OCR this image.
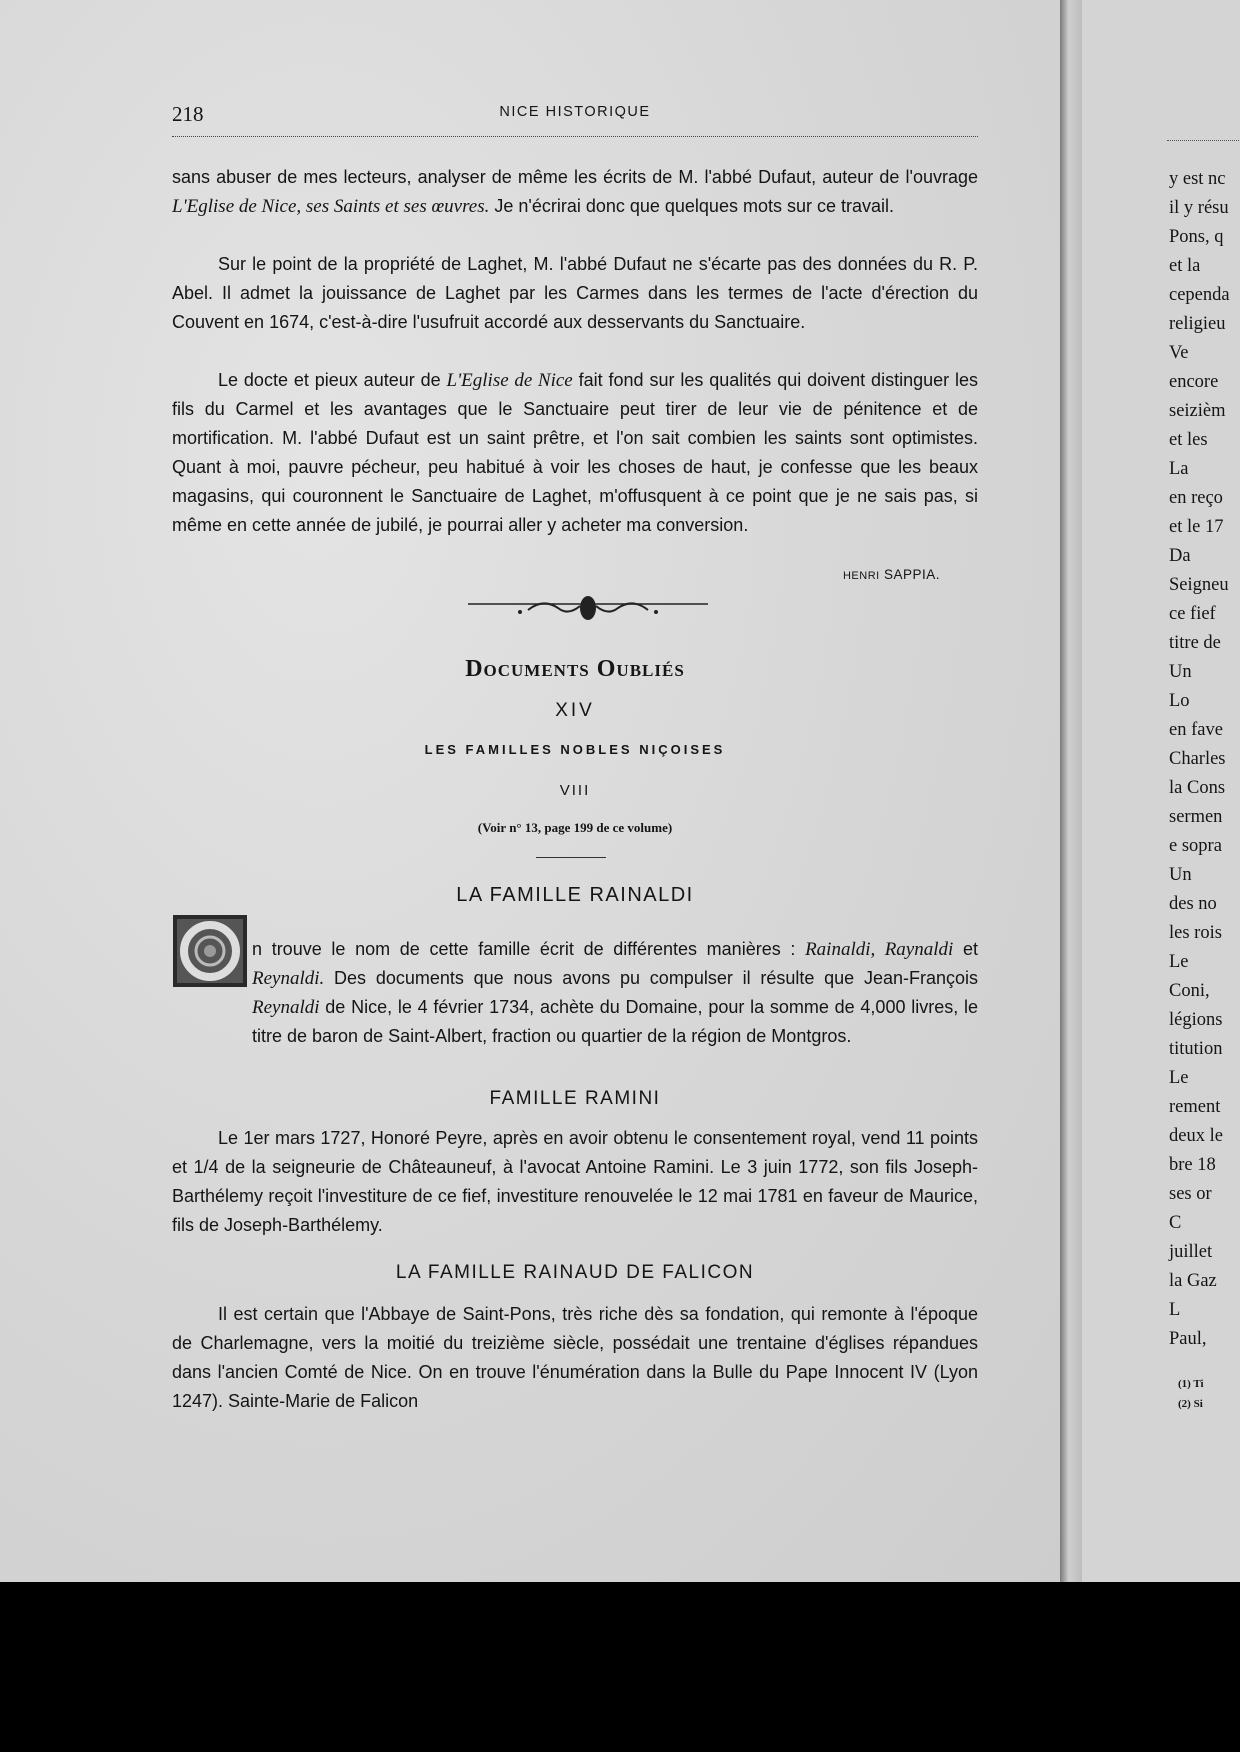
218	NICE HISTORIQUE

sans abuser de mes lecteurs, analyser de même les écrits de M. l'abbé Dufaut, auteur de l'ouvrage L'Eglise de Nice, ses Saints et ses œuvres. Je n'écrirai donc que quelques mots sur ce travail.

Sur le point de la propriété de Laghet, M. l'abbé Dufaut ne s'écarte pas des données du R. P. Abel. Il admet la jouissance de Laghet par les Carmes dans les termes de l'acte d'érection du Couvent en 1674, c'est-à-dire l'usufruit accordé aux desservants du Sanctuaire.

Le docte et pieux auteur de L'Eglise de Nice fait fond sur les qualités qui doivent distinguer les fils du Carmel et les avantages que le Sanctuaire peut tirer de leur vie de pénitence et de mortification. M. l'abbé Dufaut est un saint prêtre, et l'on sait combien les saints sont optimistes. Quant à moi, pauvre pécheur, peu habitué à voir les choses de haut, je confesse que les beaux magasins, qui couronnent le Sanctuaire de Laghet, m'offusquent à ce point que je ne sais pas, si même en cette année de jubilé, je pourrai aller y acheter ma conversion.

HENRI SAPPIA.
Documents Oubliés
XIV
LES FAMILLES NOBLES NIÇOISES
VIII
(Voir n° 13, page 199 de ce volume)
LA FAMILLE RAINALDI

n trouve le nom de cette famille écrit de différentes manières : Rainaldi, Raynaldi et Reynaldi. Des documents que nous avons pu compulser il résulte que Jean-François Reynaldi de Nice, le 4 février 1734, achète du Domaine, pour la somme de 4,000 livres, le titre de baron de Saint-Albert, fraction ou quartier de la région de Montgros.

FAMILLE RAMINI

Le 1er mars 1727, Honoré Peyre, après en avoir obtenu le consentement royal, vend 11 points et 1/4 de la seigneurie de Châteauneuf, à l'avocat Antoine Ramini. Le 3 juin 1772, son fils Joseph-Barthélemy reçoit l'investiture de ce fief, investiture renouvelée le 12 mai 1781 en faveur de Maurice, fils de Joseph-Barthélemy.

LA FAMILLE RAINAUD DE FALICON

Il est certain que l'Abbaye de Saint-Pons, très riche dès sa fondation, qui remonte à l'époque de Charlemagne, vers la moitié du treizième siècle, possédait une trentaine d'églises répandues dans l'ancien Comté de Nice. On en trouve l'énumération dans la Bulle du Pape Innocent IV (Lyon 1247). Sainte-Marie de Falicon

y est nc
il y résu
Pons, q
et la
cependa
religieu
Ve
encore
seizièm
et les
La
en reço
et le 17
Da
Seigneu
ce fief
titre de
Un
Lo
en fave
Charles
la Cons
sermen
e sopra
Un
des no
les rois
Le
Coni,
légions
titution
Le
rement
deux le
bre 18
ses or
C
juillet
la Gaz
L
Paul,
(1) Ti
(2) Si
